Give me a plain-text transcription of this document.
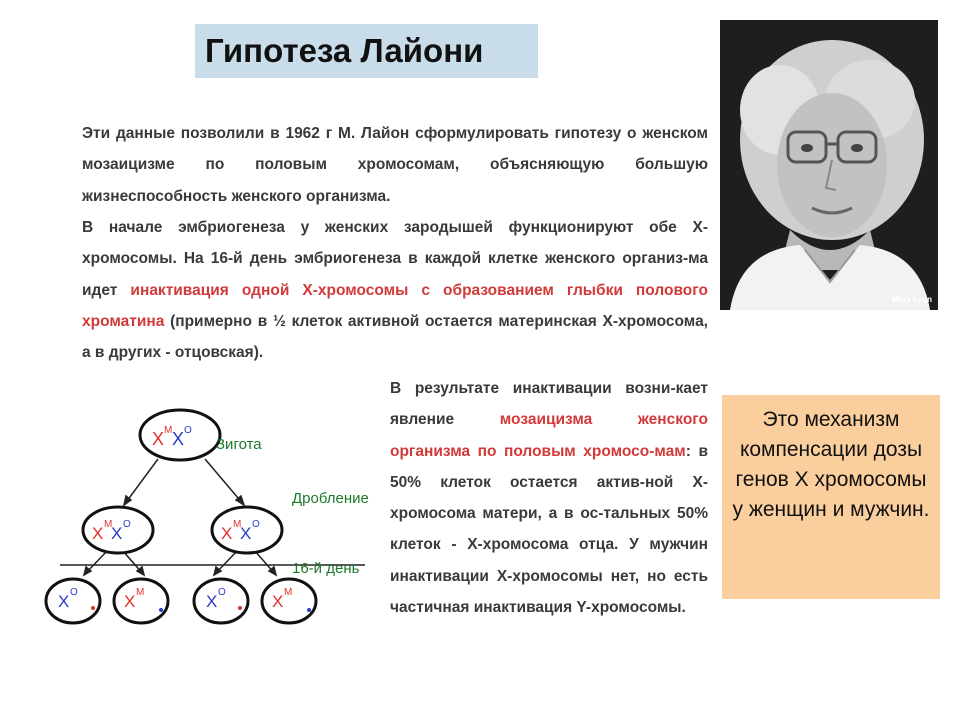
Гипотеза Лайони

Эти данные позволили в 1962 г М. Лайон сформулировать гипотезу о женском мозаицизме по половым хромосомам, объясняющую большую жизнеспособность женского организма.

В начале эмбриогенеза у женских зародышей функционируют обе Х-хромосомы. На 16-й день эмбриогенеза в каждой клетке женского организ-ма идет инактивация одной Х-хромосомы с образованием глыбки полового хроматина (примерно в ½ клеток активной остается материнская Х-хромосома, а в других - отцовская).

В результате инактивации возни-кает явление мозаицизма женского организма по половым хромосо-мам: в 50% клеток остается актив-ной Х-хромосома матери, а в ос-тальных 50% клеток - Х-хромосома отца. У мужчин инактивации Х-хромосомы нет, но есть частичная инактивация Y-хромосомы.

Mary Lyon
Это механизм компенсации дозы генов Х хромосомы у женщин и мужчин.
X M X O
Зигота
Дробление
X M
X O	X M
X O
16-й день
X O	X M	X O	X M
